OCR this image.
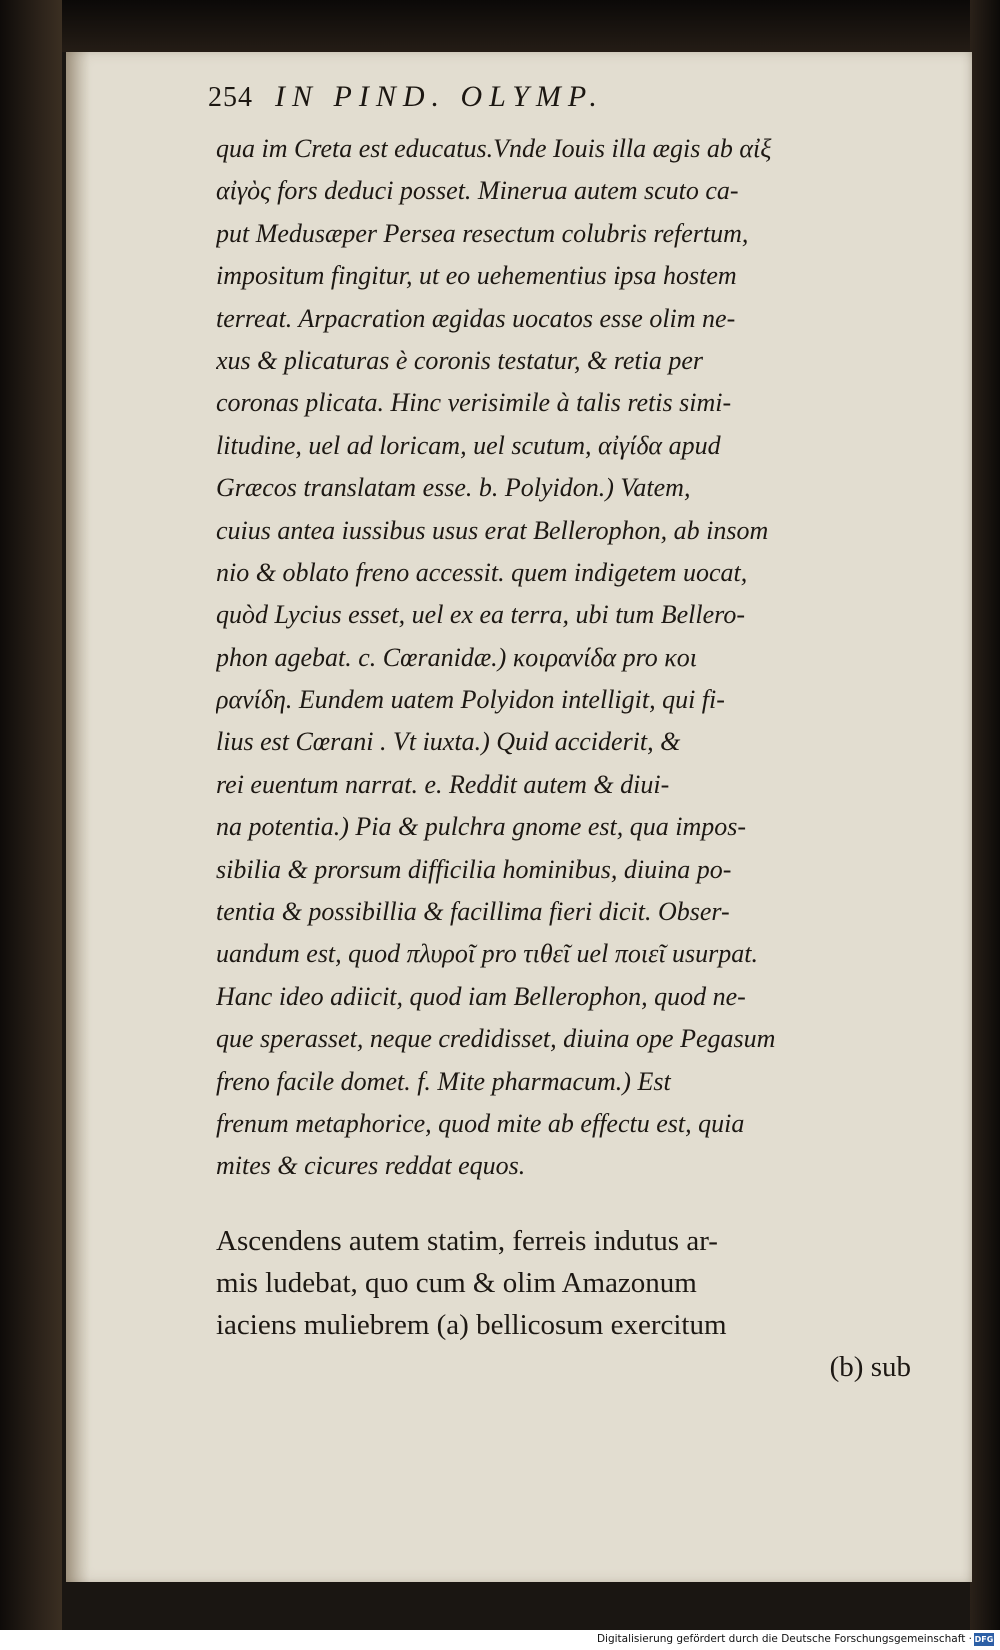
254 IN PIND. OLYMP.
qua im Creta est educatus.Vnde Iouis illa ægis ab αἰξ
αἰγὸς fors deduci posset. Minerua autem scuto ca-
put Medusæper Persea resectum colubris refertum,
impositum fingitur, ut eo uehementius ipsa hostem
terreat. Arpacration ægidas uocatos esse olim ne-
xus & plicaturas è coronis testatur, & retia per
coronas plicata. Hinc verisimile à talis retis simi-
litudine, uel ad loricam, uel scutum, αἰγίδα apud
Græcos translatam esse. b. Polyidon.) Vatem,
cuius antea iussibus usus erat Bellerophon, ab insom
nio & oblato freno accessit. quem indigetem uocat,
quòd Lycius esset, uel ex ea terra, ubi tum Bellero-
phon agebat. c. Cœranidæ.) κοιρανίδα pro κοι
ρανίδη. Eundem uatem Polyidon intelligit, qui fi-
lius est Cœrani . Vt iuxta.) Quid acciderit, &
rei euentum narrat. e. Reddit autem & diui-
na potentia.) Pia & pulchra gnome est, qua impos-
sibilia & prorsum difficilia hominibus, diuina po-
tentia & possibillia & facillima fieri dicit. Obser-
uandum est, quod πλυροῖ pro τιθεῖ uel ποιεῖ usurpat.
Hanc ideo adiicit, quod iam Bellerophon, quod ne-
que sperasset, neque credidisset, diuina ope Pegasum
freno facile domet. f. Mite pharmacum.) Est
frenum metaphorice, quod mite ab effectu est, quia
mites & cicures reddat equos.
Ascendens autem statim, ferreis indutus ar-
mis ludebat, quo cum & olim Amazonum
iaciens muliebrem (a) bellicosum exercitum
(b) sub
Digitalisierung gefördert durch die Deutsche Forschungsgemeinschaft · DFG
